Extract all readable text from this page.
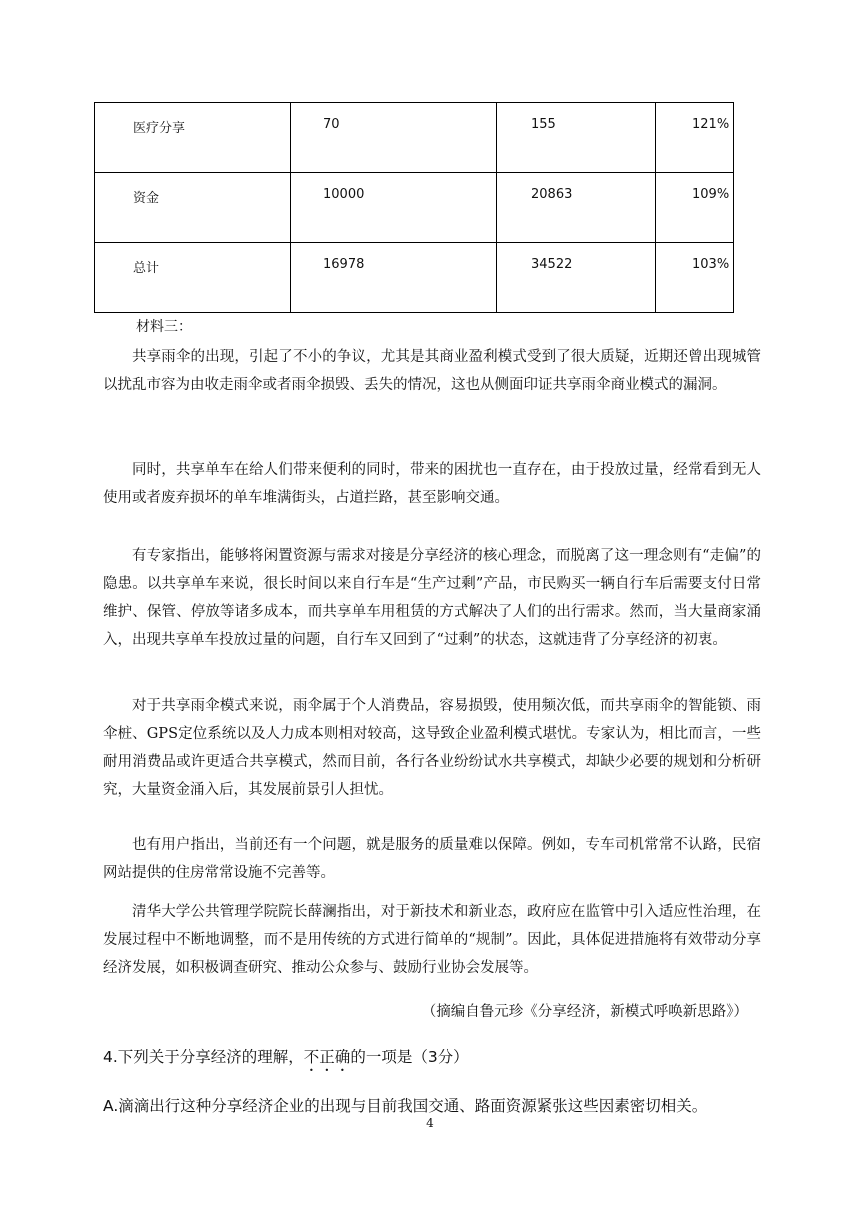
医疗分享	70	155	121%
资金	10000	20863	109%
总计	16978	34522	103%
材料三：

共享雨伞的出现，引起了不小的争议，尤其是其商业盈利模式受到了很大质疑，近期还曾出现城管以扰乱市容为由收走雨伞或者雨伞损毁、丢失的情况，这也从侧面印证共享雨伞商业模式的漏洞。

同时，共享单车在给人们带来便利的同时，带来的困扰也一直存在，由于投放过量，经常看到无人使用或者废弃损坏的单车堆满街头，占道拦路，甚至影响交通。

有专家指出，能够将闲置资源与需求对接是分享经济的核心理念，而脱离了这一理念则有“走偏”的隐患。以共享单车来说，很长时间以来自行车是“生产过剩”产品，市民购买一辆自行车后需要支付日常维护、保管、停放等诸多成本，而共享单车用租赁的方式解决了人们的出行需求。然而，当大量商家涌入，出现共享单车投放过量的问题，自行车又回到了“过剩”的状态，这就违背了分享经济的初衷。

对于共享雨伞模式来说，雨伞属于个人消费品，容易损毁，使用频次低，而共享雨伞的智能锁、雨伞桩、GPS定位系统以及人力成本则相对较高，这导致企业盈利模式堪忧。专家认为，相比而言，一些耐用消费品或许更适合共享模式，然而目前，各行各业纷纷试水共享模式，却缺少必要的规划和分析研究，大量资金涌入后，其发展前景引人担忧。

也有用户指出，当前还有一个问题，就是服务的质量难以保障。例如，专车司机常常不认路，民宿网站提供的住房常常设施不完善等。

清华大学公共管理学院院长薛澜指出，对于新技术和新业态，政府应在监管中引入适应性治理，在发展过程中不断地调整，而不是用传统的方式进行简单的“规制”。因此，具体促进措施将有效带动分享经济发展，如积极调查研究、推动公众参与、鼓励行业协会发展等。

（摘编自鲁元珍《分享经济，新模式呼唤新思路》）
4.下列关于分享经济的理解，不正确的一项是（3分）
A.滴滴出行这种分享经济企业的出现与目前我国交通、路面资源紧张这些因素密切相关。
4
